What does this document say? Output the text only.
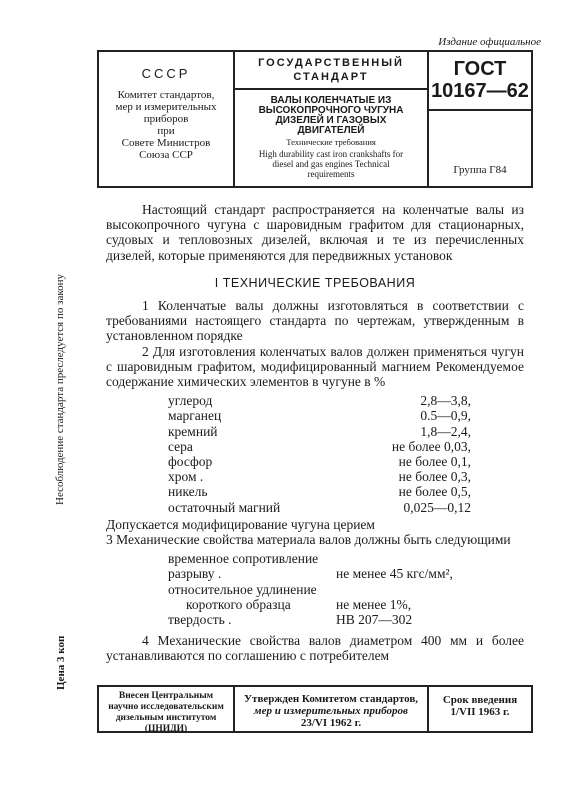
Издание официальное
СССР
Комитет стандартов,
мер и измерительных
приборов
при
Совете Министров
Союза ССР
ГОСУДАРСТВЕННЫЙ
СТАНДАРТ
ВАЛЫ КОЛЕНЧАТЫЕ ИЗ
ВЫСОКОПРОЧНОГО ЧУГУНА
ДИЗЕЛЕЙ И ГАЗОВЫХ
ДВИГАТЕЛЕЙ
Технические требования
High durability cast iron crankshafts for
diesel and gas engines Technical
requirements
ГОСТ
10167—62
Группа Г84
Несоблюдение стандарта преследуется по закону
Цена 3 коп

Настоящий стандарт распространяется на коленчатые валы из высокопрочного чугуна с шаровидным графитом для стационарных, судовых и тепловозных дизелей, включая и те из перечисленных дизелей, которые применяются для передвижных установок

I ТЕХНИЧЕСКИЕ ТРЕБОВАНИЯ

1 Коленчатые валы должны изготовляться в соответствии с требованиями настоящего стандарта по чертежам, утвержденным в установленном порядке

2 Для изготовления коленчатых валов должен применяться чугун с шаровидным графитом, модифицированный магнием Рекомендуемое содержание химических элементов в чугуне в %

углерод	2,8—3,8,
марганец	0.5—0,9,
кремний	1,8—2,4,
сера	не более 0,03,
фосфор	не более 0,1,
хром .	не более 0,3,
никель	не более 0,5,
остаточный магний	0,025—0,12

Допускается модифицирование чугуна церием

3 Механические свойства материала валов должны быть следующими

временное сопротивление
разрыву .	не менее 45 кгс/мм²,
относительное удлинение
короткого образца	не менее 1%,
твердость .	НВ 207—302

4 Механические свойства валов диаметром 400 мм и более устанавливаются по соглашению с потребителем

Внесен Центральным
научно исследовательским
дизельным институтом
(ЦНИДИ)
Утвержден Комитетом стандартов,
мер и измерительных приборов
23/VI 1962 г.
Срок введения
1/VII 1963 г.
